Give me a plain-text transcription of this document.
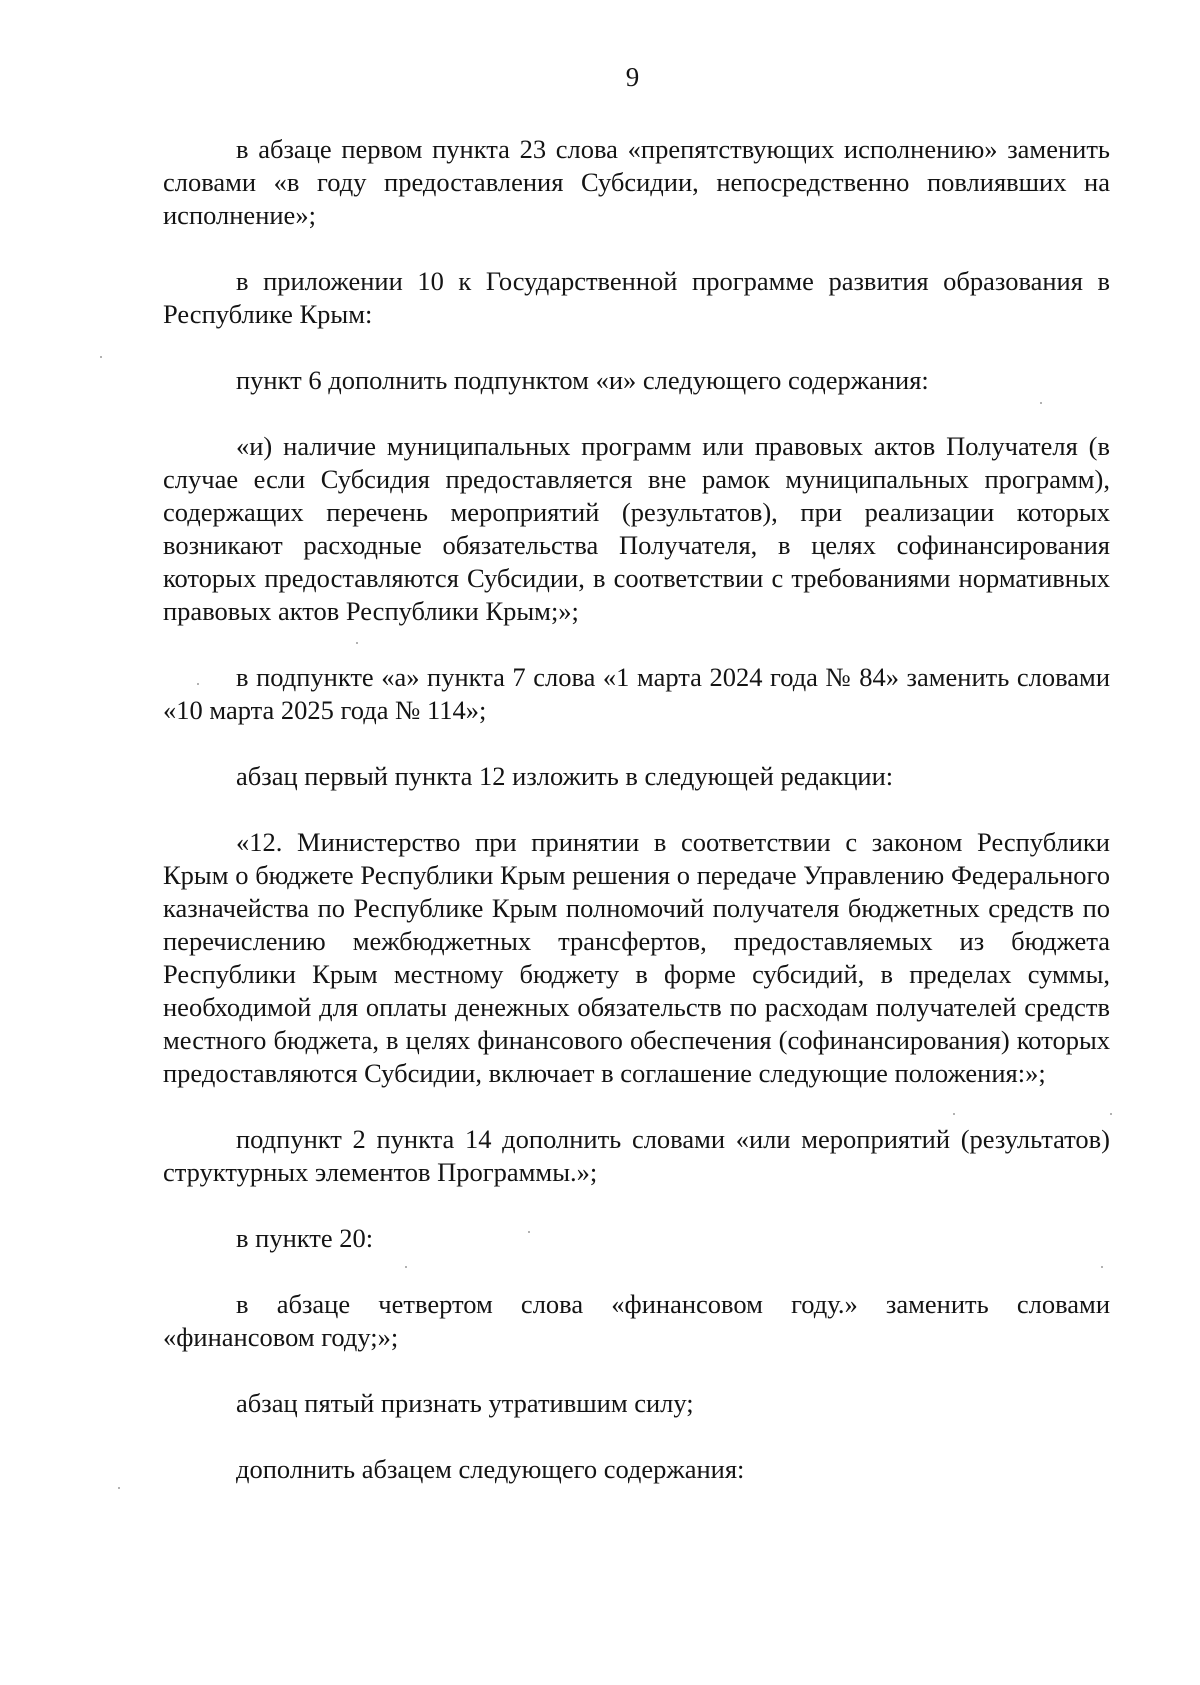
9

в абзаце первом пункта 23 слова «препятствующих исполнению» заменить словами «в году предоставления Субсидии, непосредственно повлиявших на исполнение»;

в приложении 10 к Государственной программе развития образования в Республике Крым:

пункт 6 дополнить подпунктом «и» следующего содержания:

«и) наличие муниципальных программ или правовых актов Получателя (в случае если Субсидия предоставляется вне рамок муниципальных программ), содержащих перечень мероприятий (результатов), при реализации которых возникают расходные обязательства Получателя, в целях софинансирования которых предоставляются Субсидии, в соответствии с требованиями нормативных правовых актов Республики Крым;»;

в подпункте «а» пункта 7 слова «1 марта 2024 года № 84» заменить словами «10 марта 2025 года № 114»;

абзац первый пункта 12 изложить в следующей редакции:

«12. Министерство при принятии в соответствии с законом Республики Крым о бюджете Республики Крым решения о передаче Управлению Федерального казначейства по Республике Крым полномочий получателя бюджетных средств по перечислению межбюджетных трансфертов, предоставляемых из бюджета Республики Крым местному бюджету в форме субсидий, в пределах суммы, необходимой для оплаты денежных обязательств по расходам получателей средств местного бюджета, в целях финансового обеспечения (софинансирования) которых предоставляются Субсидии, включает в соглашение следующие положения:»;

подпункт 2 пункта 14 дополнить словами «или мероприятий (результатов) структурных элементов Программы.»;

в пункте 20:

в абзаце четвертом слова «финансовом году.» заменить словами «финансовом году;»;

абзац пятый признать утратившим силу;

дополнить абзацем следующего содержания:
